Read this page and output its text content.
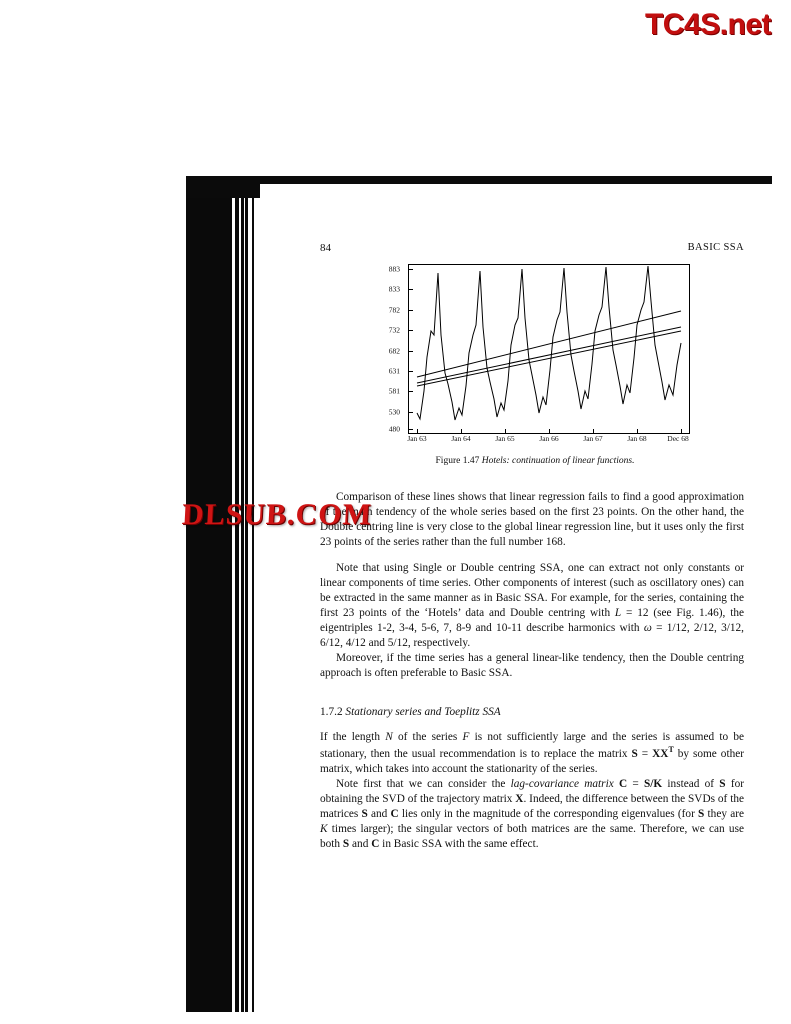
84	BASIC SSA
883
833
782
732
682
631
581
530
480
Jan 63	Jan 64	Jan 65	Jan 66	Jan 67	Jan 68	Dec 68
Figure 1.47 Hotels: continuation of linear functions.

Comparison of these lines shows that linear regression fails to find a good approximation of the main tendency of the whole series based on the first 23 points. On the other hand, the Double centring line is very close to the global linear regression line, but it uses only the first 23 points of the series rather than the full number 168.

Note that using Single or Double centring SSA, one can extract not only constants or linear components of time series. Other components of interest (such as oscillatory ones) can be extracted in the same manner as in Basic SSA. For example, for the series, containing the first 23 points of the ‘Hotels’ data and Double centring with L = 12 (see Fig. 1.46), the eigentriples 1-2, 3-4, 5-6, 7, 8-9 and 10-11 describe harmonics with ω = 1/12, 2/12, 3/12, 6/12, 4/12 and 5/12, respectively.

Moreover, if the time series has a general linear-like tendency, then the Double centring approach is often preferable to Basic SSA.

1.7.2 Stationary series and Toeplitz SSA

If the length N of the series F is not sufficiently large and the series is assumed to be stationary, then the usual recommendation is to replace the matrix $S = XX^T$ by some other matrix, which takes into account the stationarity of the series.

Note first that we can consider the lag-covariance matrix C = S/K instead of S for obtaining the SVD of the trajectory matrix X. Indeed, the difference between the SVDs of the matrices S and C lies only in the magnitude of the corresponding eigenvalues (for S they are K times larger); the singular vectors of both matrices are the same. Therefore, we can use both S and C in Basic SSA with the same effect.

TC4S.net
DLSUB.COM
